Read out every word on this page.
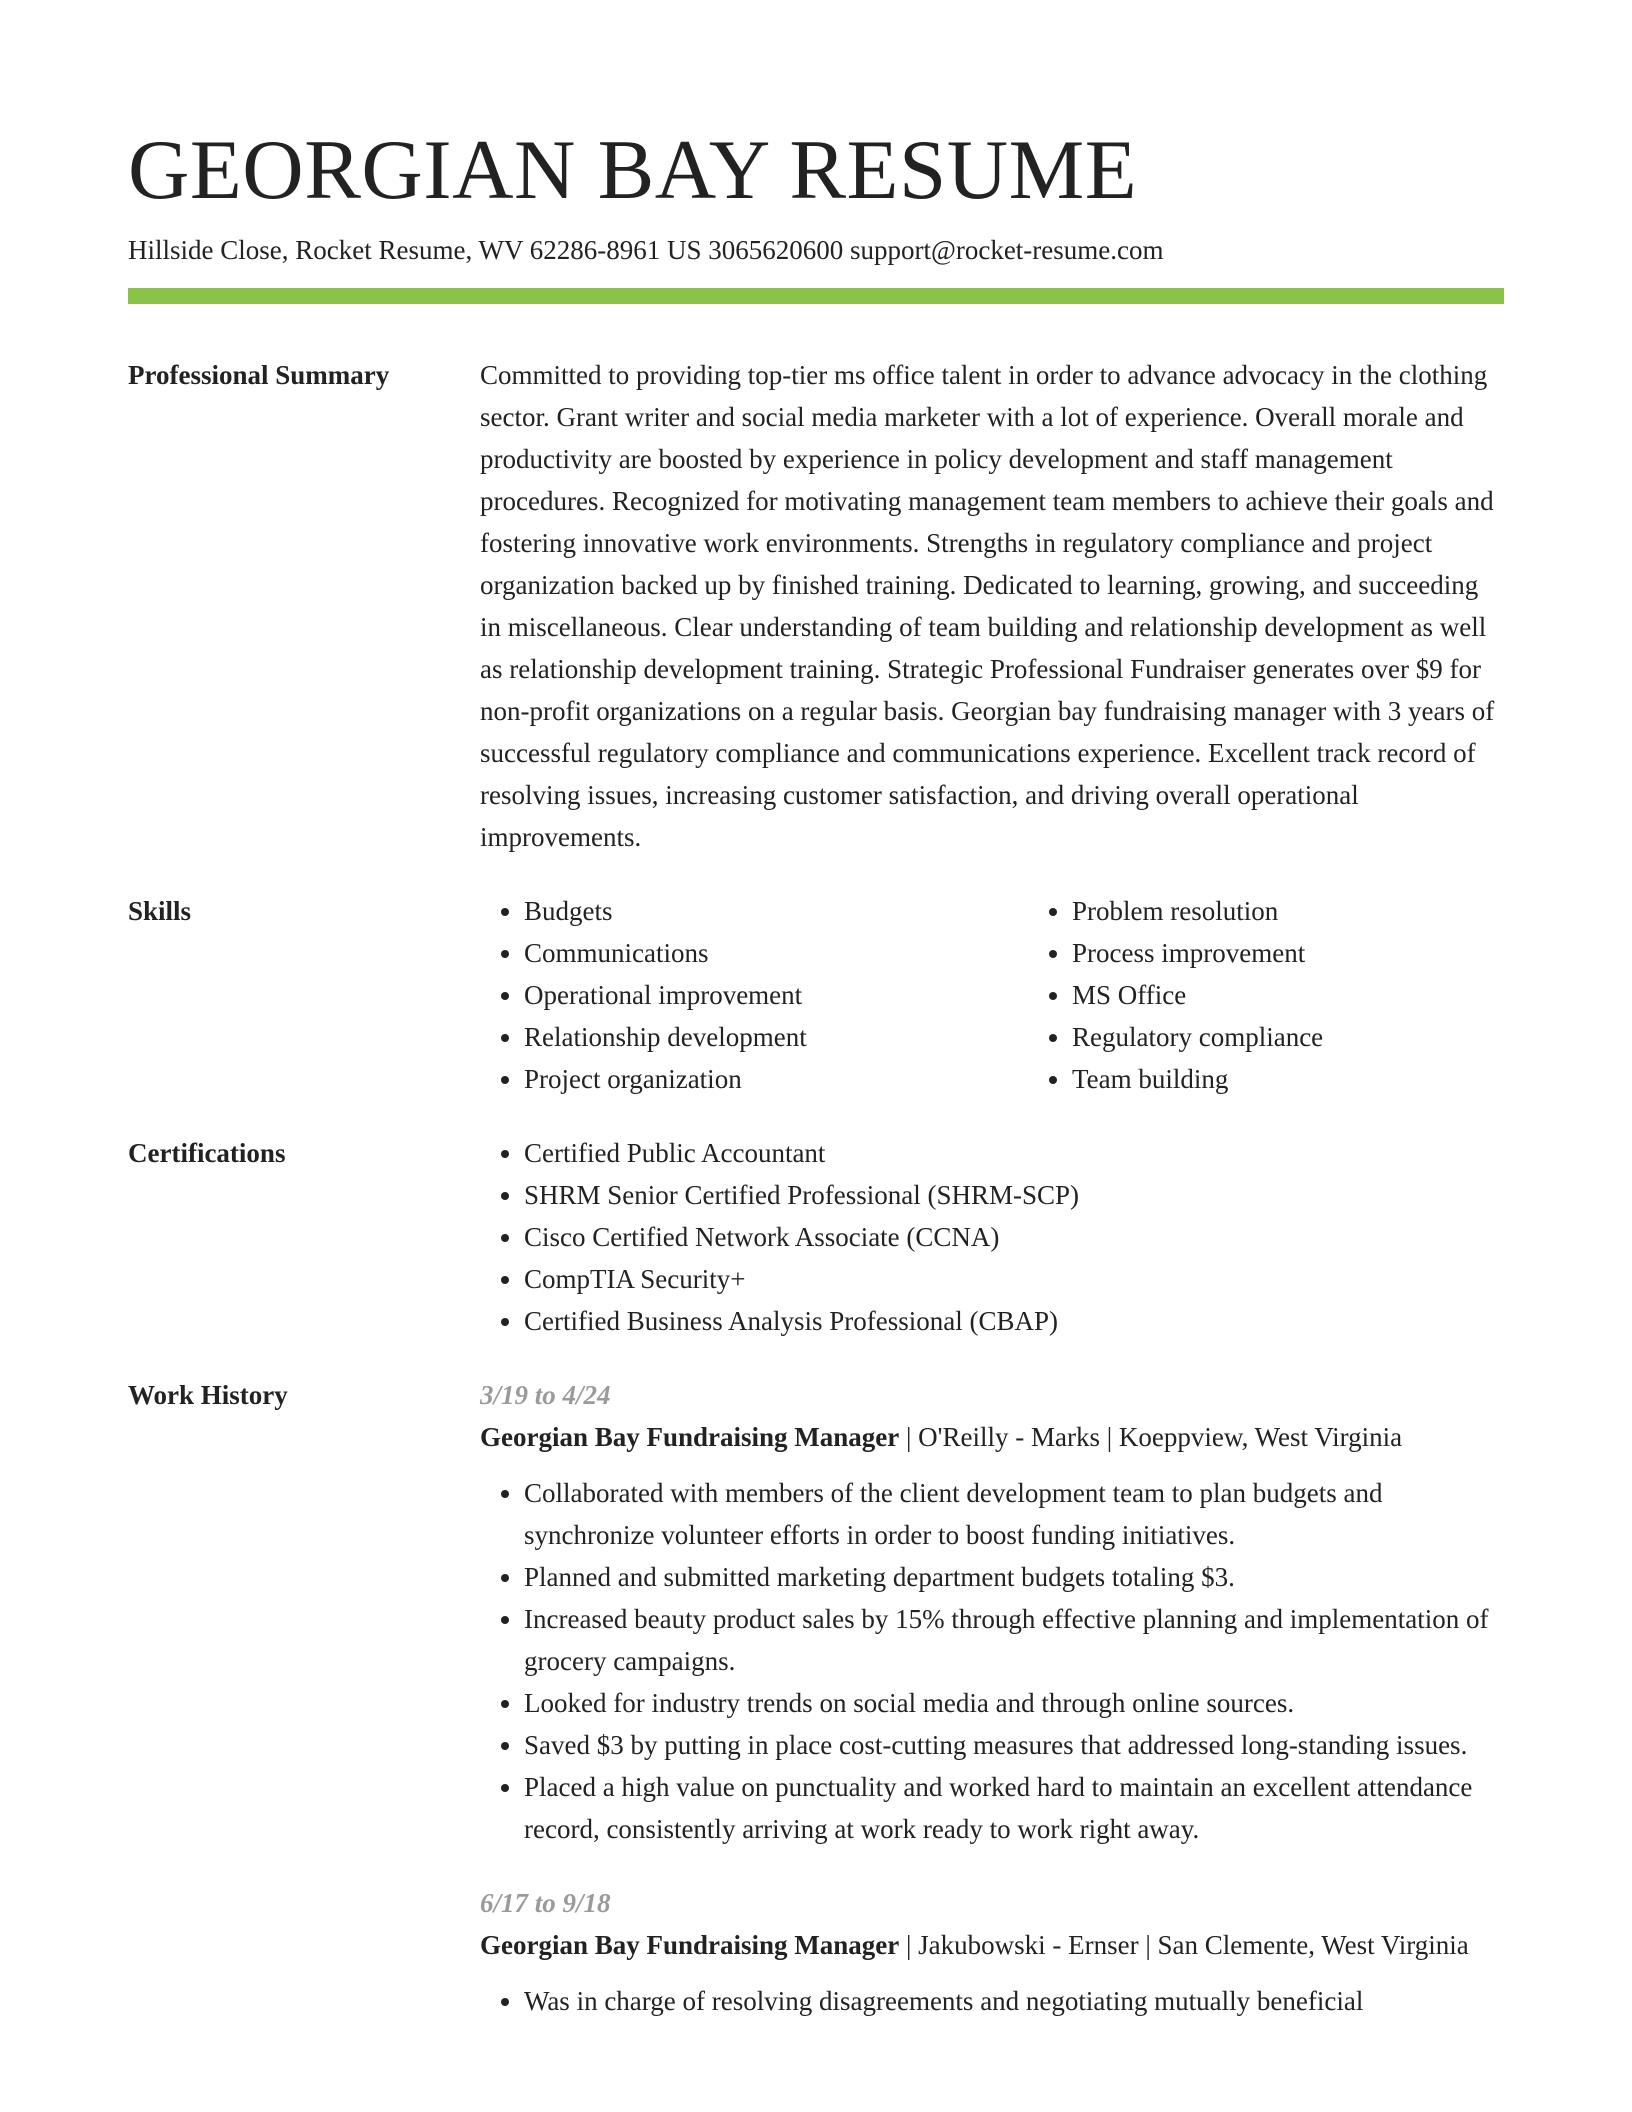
GEORGIAN BAY RESUME
Hillside Close, Rocket Resume, WV 62286-8961 US 3065620600 support@rocket-resume.com
Professional Summary	Committed to providing top-tier ms office talent in order to advance advocacy in the clothing sector. Grant writer and social media marketer with a lot of experience. Overall morale and productivity are boosted by experience in policy development and staff management procedures. Recognized for motivating management team members to achieve their goals and fostering innovative work environments. Strengths in regulatory compliance and project organization backed up by finished training. Dedicated to learning, growing, and succeeding in miscellaneous. Clear understanding of team building and relationship development as well as relationship development training. Strategic Professional Fundraiser generates over $9 for non-profit organizations on a regular basis. Georgian bay fundraising manager with 3 years of successful regulatory compliance and communications experience. Excellent track record of resolving issues, increasing customer satisfaction, and driving overall operational improvements.

Skills	• Budgets
• Communications
• Operational improvement
• Relationship development
• Project organization
• Problem resolution
• Process improvement
• MS Office
• Regulatory compliance
• Team building
Certifications	• Certified Public Accountant
• SHRM Senior Certified Professional (SHRM-SCP)
• Cisco Certified Network Associate (CCNA)
• CompTIA Security+
• Certified Business Analysis Professional (CBAP)
Work History	3/19 to 4/24
Georgian Bay Fundraising Manager | O'Reilly - Marks | Koeppview, West Virginia
• Collaborated with members of the client development team to plan budgets and synchronize volunteer efforts in order to boost funding initiatives.
• Planned and submitted marketing department budgets totaling $3.
• Increased beauty product sales by 15% through effective planning and implementation of grocery campaigns.
• Looked for industry trends on social media and through online sources.
• Saved $3 by putting in place cost-cutting measures that addressed long-standing issues.
• Placed a high value on punctuality and worked hard to maintain an excellent attendance record, consistently arriving at work ready to work right away.
6/17 to 9/18
Georgian Bay Fundraising Manager | Jakubowski - Ernser | San Clemente, West Virginia
• Was in charge of resolving disagreements and negotiating mutually beneficial
